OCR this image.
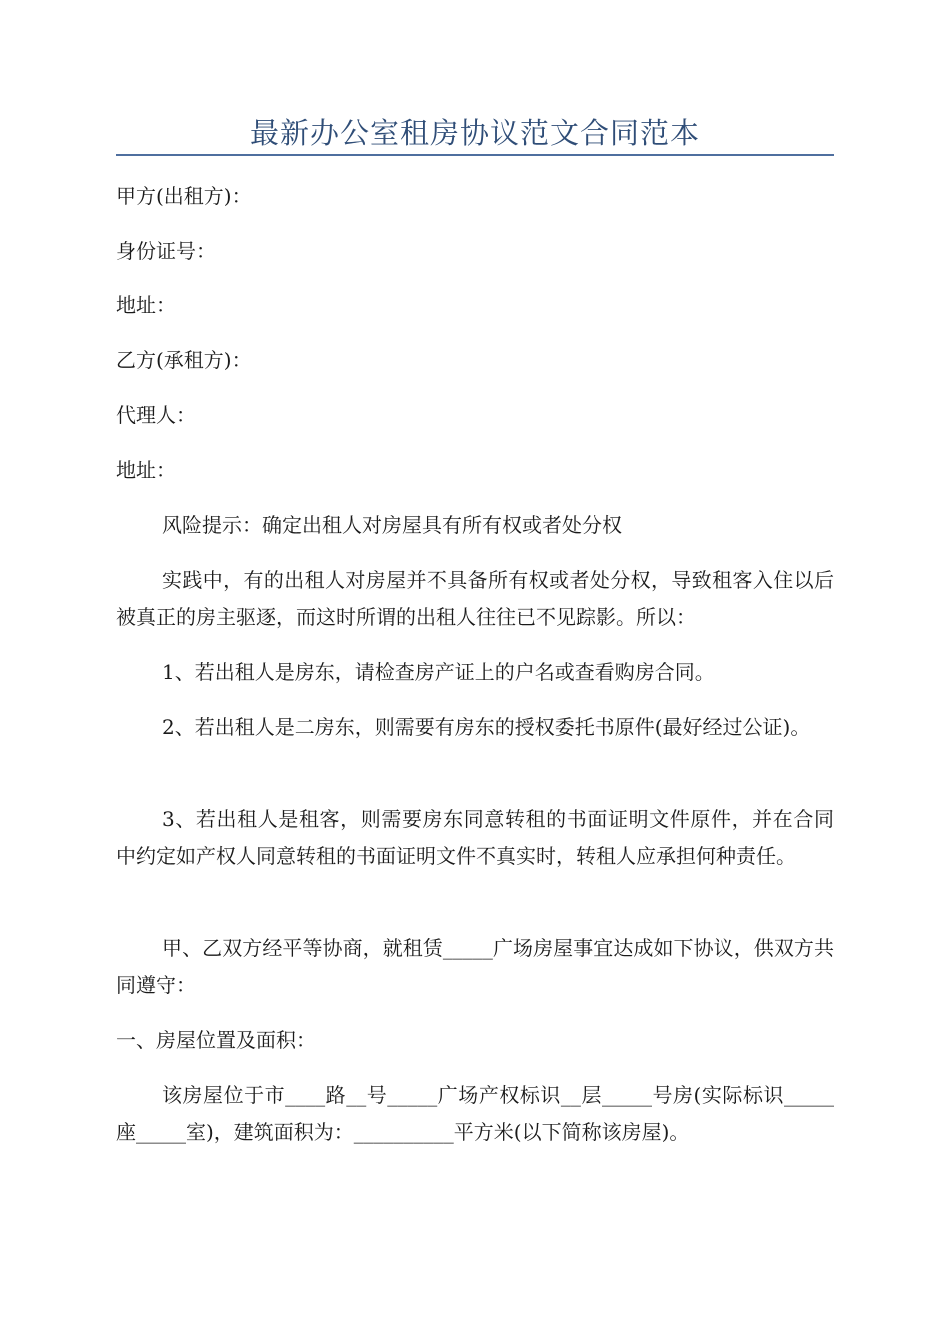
最新办公室租房协议范文合同范本
甲方(出租方)：
身份证号：
地址：
乙方(承租方)：
代理人：
地址：
风险提示：确定出租人对房屋具有所有权或者处分权
实践中，有的出租人对房屋并不具备所有权或者处分权，导致租客入住以后被真正的房主驱逐，而这时所谓的出租人往往已不见踪影。所以：
1、若出租人是房东，请检查房产证上的户名或查看购房合同。
2、若出租人是二房东，则需要有房东的授权委托书原件(最好经过公证)。
3、若出租人是租客，则需要房东同意转租的书面证明文件原件，并在合同中约定如产权人同意转租的书面证明文件不真实时，转租人应承担何种责任。
甲、乙双方经平等协商，就租赁_____广场房屋事宜达成如下协议，供双方共同遵守：
一、房屋位置及面积：
该房屋位于市____路__号_____广场产权标识__层_____号房(实际标识_____座_____室)，建筑面积为：__________平方米(以下简称该房屋)。
